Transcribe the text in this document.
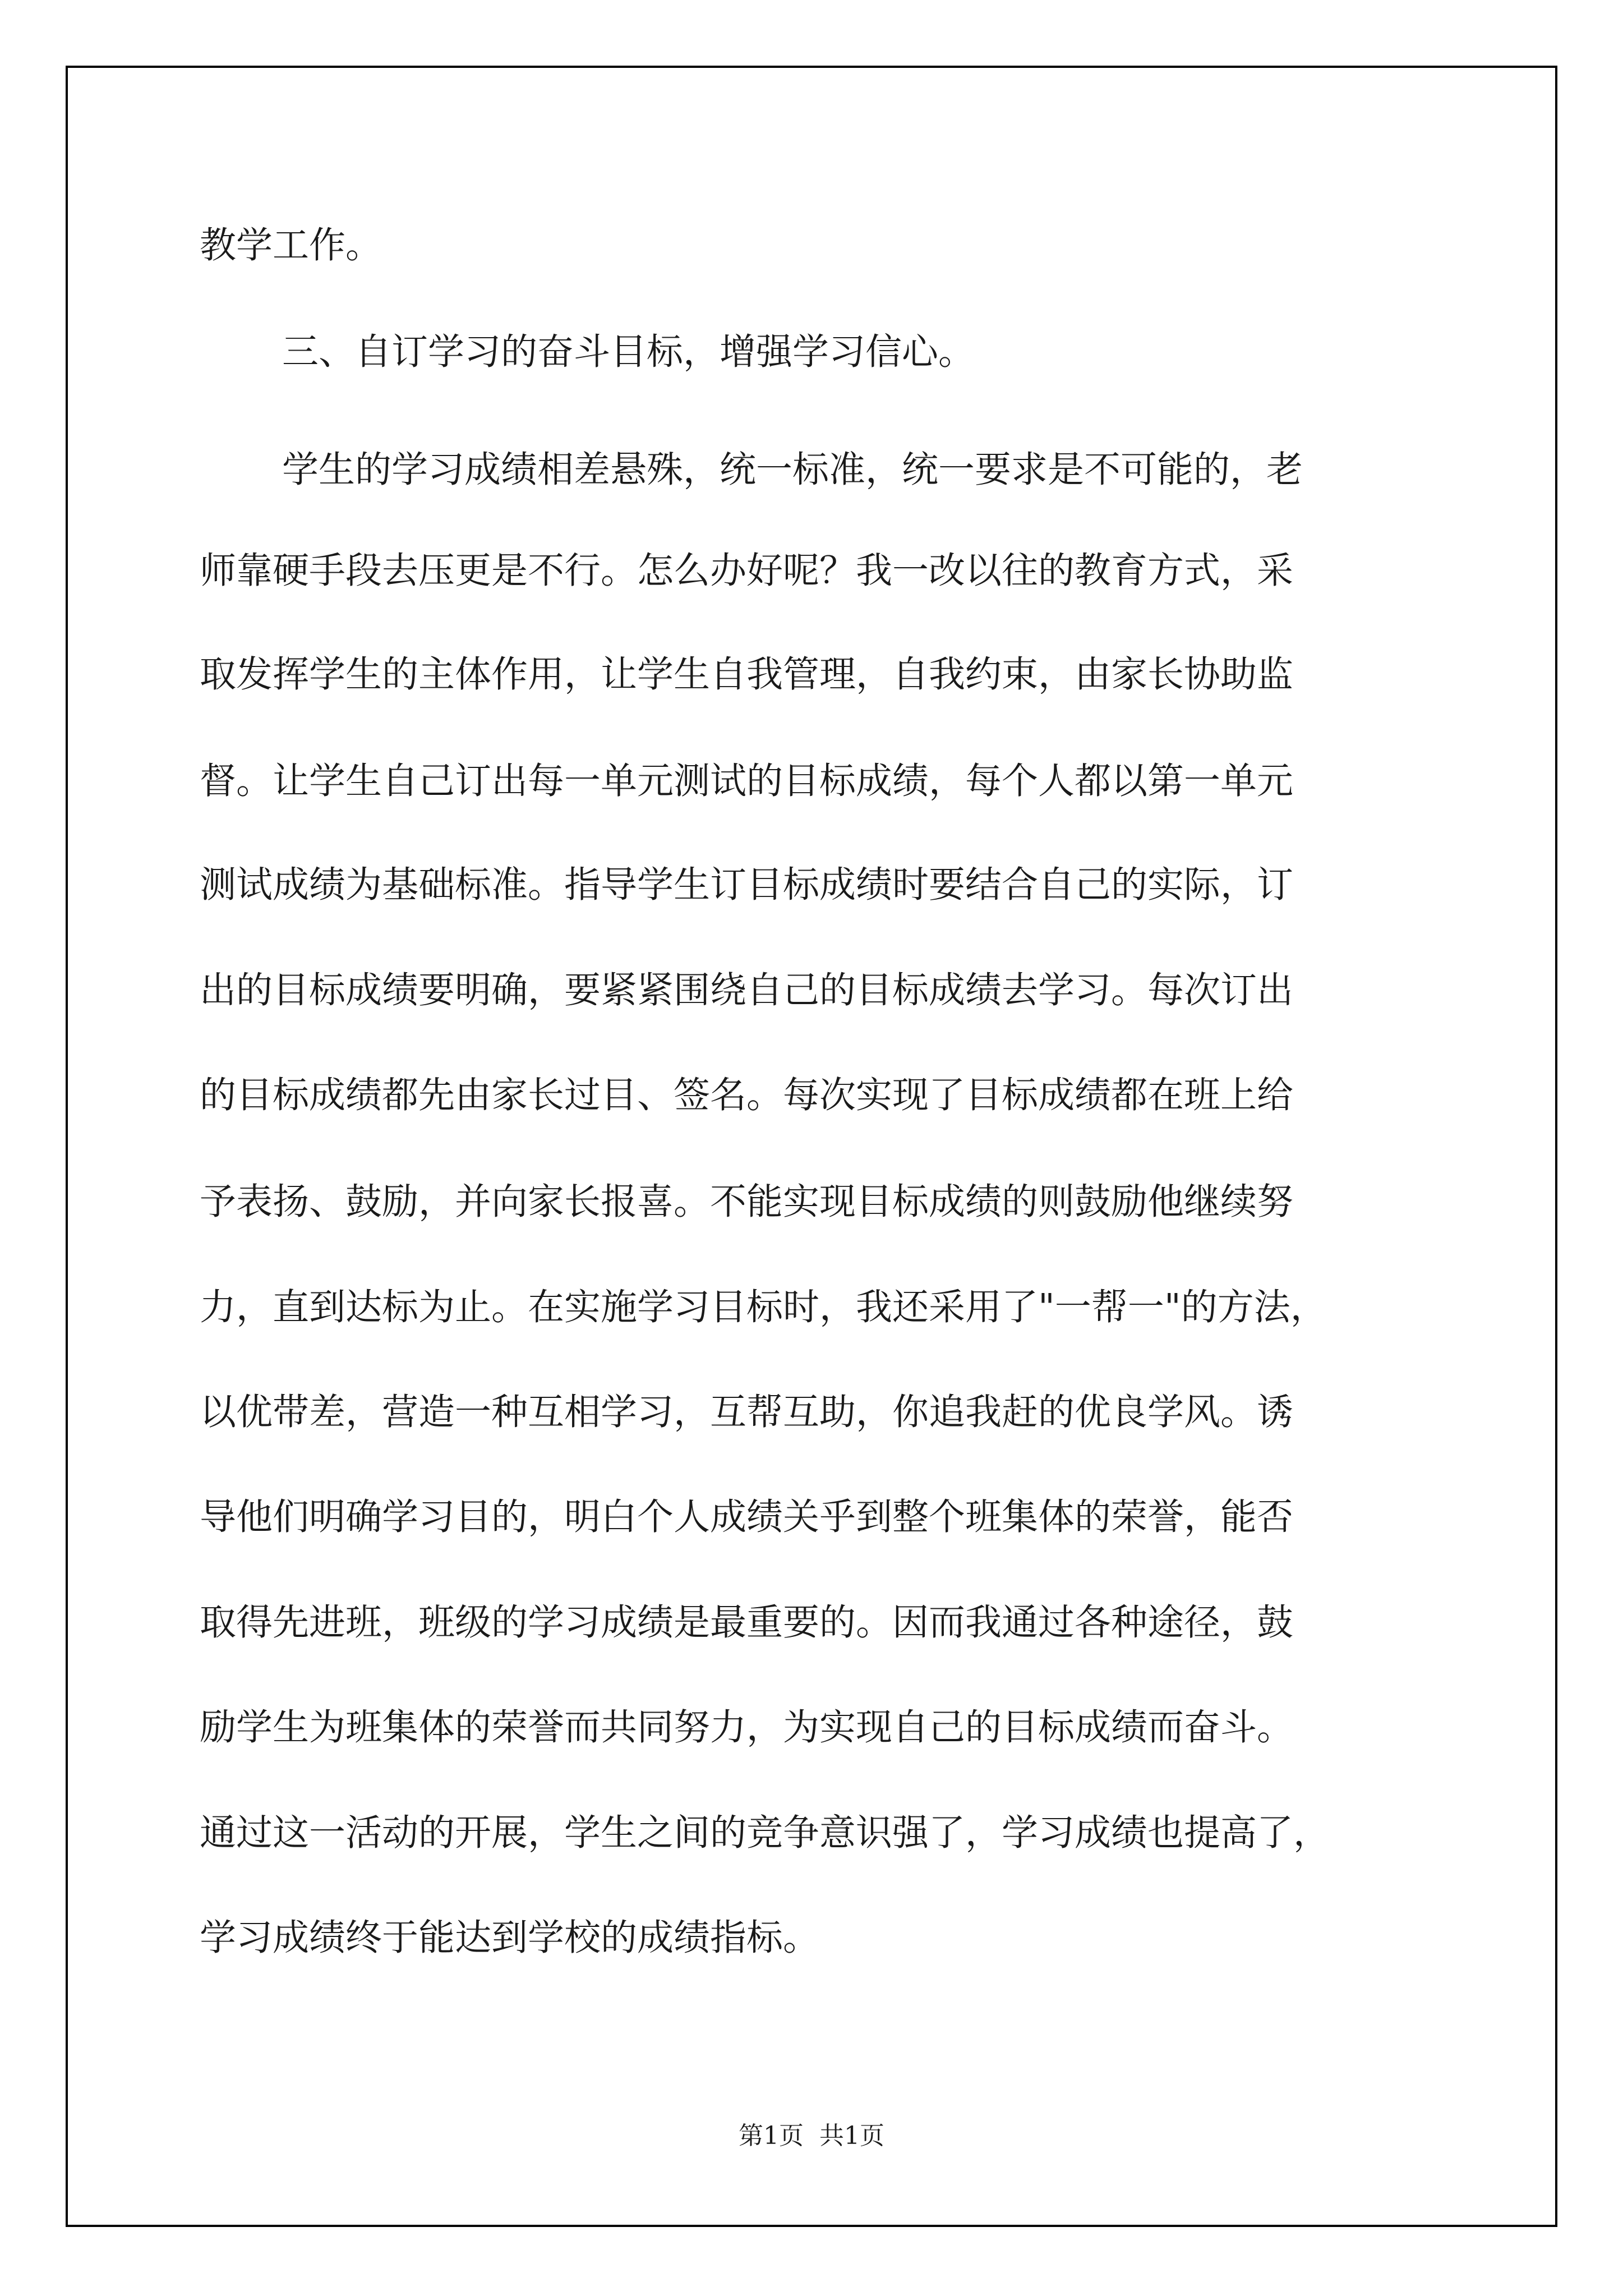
教学工作。
三、自订学习的奋斗目标，增强学习信心。
学生的学习成绩相差悬殊，统一标准，统一要求是不可能的，老
师靠硬手段去压更是不行。怎么办好呢？我一改以往的教育方式，采
取发挥学生的主体作用，让学生自我管理，自我约束，由家长协助监
督。让学生自己订出每一单元测试的目标成绩，每个人都以第一单元
测试成绩为基础标准。指导学生订目标成绩时要结合自己的实际，订
出的目标成绩要明确，要紧紧围绕自己的目标成绩去学习。每次订出
的目标成绩都先由家长过目、签名。每次实现了目标成绩都在班上给
予表扬、鼓励，并向家长报喜。不能实现目标成绩的则鼓励他继续努
力，直到达标为止。在实施学习目标时，我还采用了"一帮一"的方法，
以优带差，营造一种互相学习，互帮互助，你追我赶的优良学风。诱
导他们明确学习目的，明白个人成绩关乎到整个班集体的荣誉，能否
取得先进班，班级的学习成绩是最重要的。因而我通过各种途径，鼓
励学生为班集体的荣誉而共同努力，为实现自己的目标成绩而奋斗。
通过这一活动的开展，学生之间的竞争意识强了，学习成绩也提高了，
学习成绩终于能达到学校的成绩指标。
第1页  共1页
